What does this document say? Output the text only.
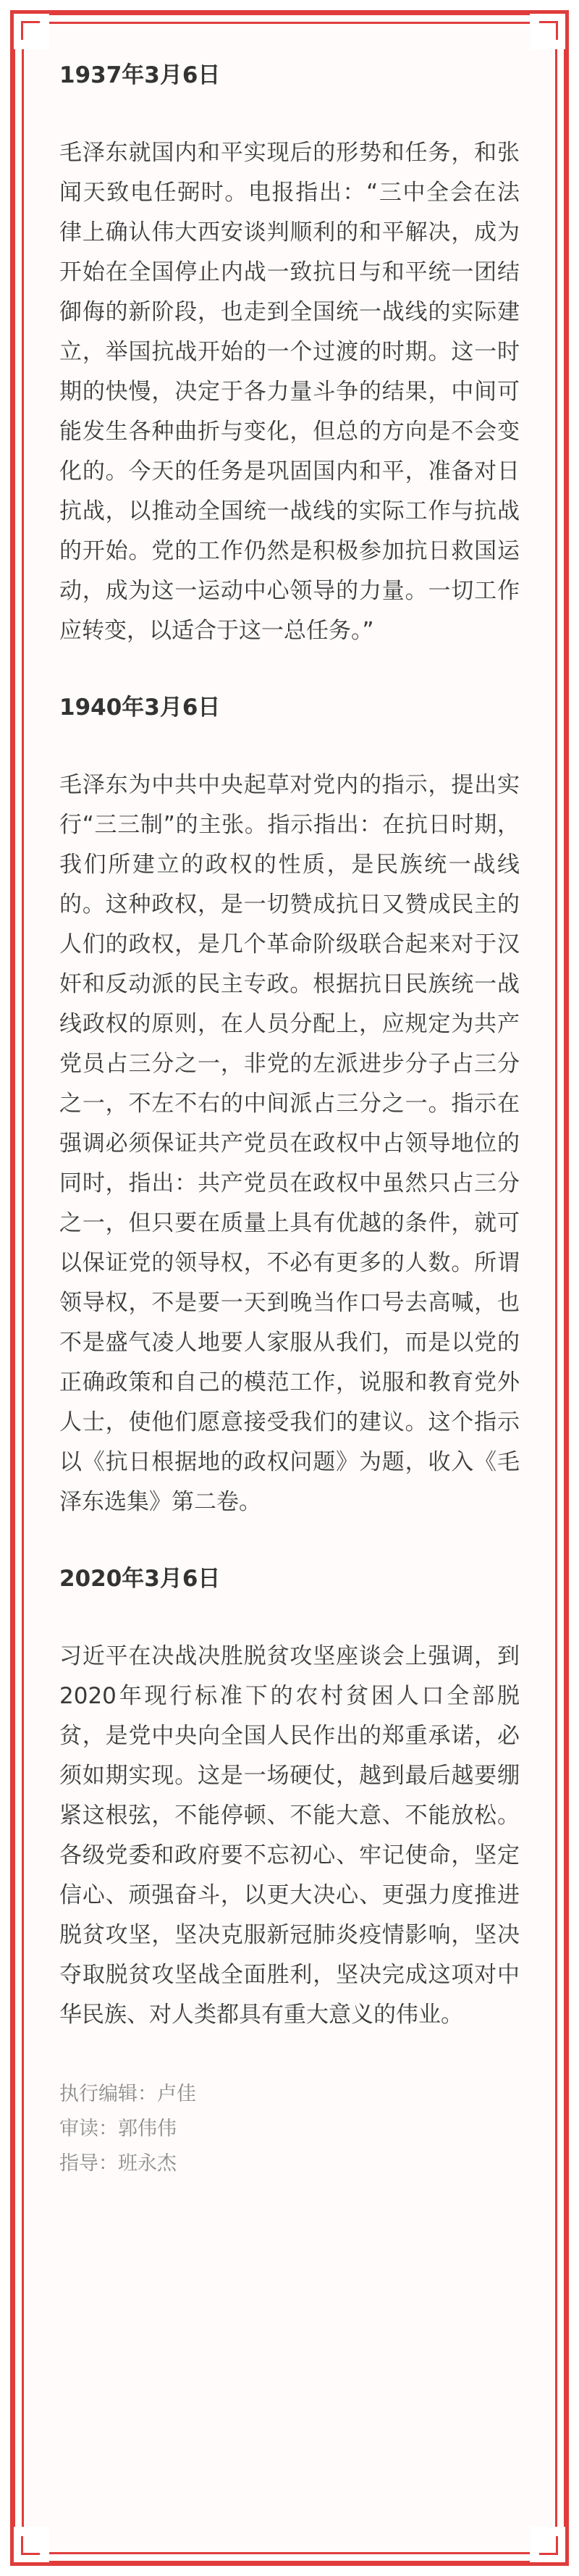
1937年3月6日
毛泽东就国内和平实现后的形势和任务，和张闻天致电任弼时。电报指出：“三中全会在法律上确认伟大西安谈判顺利的和平解决，成为开始在全国停止内战一致抗日与和平统一团结御侮的新阶段，也走到全国统一战线的实际建立，举国抗战开始的一个过渡的时期。这一时期的快慢，决定于各力量斗争的结果，中间可能发生各种曲折与变化，但总的方向是不会变化的。今天的任务是巩固国内和平，准备对日抗战，以推动全国统一战线的实际工作与抗战的开始。党的工作仍然是积极参加抗日救国运动，成为这一运动中心领导的力量。一切工作应转变，以适合于这一总任务。”
1940年3月6日
毛泽东为中共中央起草对党内的指示，提出实行“三三制”的主张。指示指出：在抗日时期，我们所建立的政权的性质，是民族统一战线的。这种政权，是一切赞成抗日又赞成民主的人们的政权，是几个革命阶级联合起来对于汉奸和反动派的民主专政。根据抗日民族统一战线政权的原则，在人员分配上，应规定为共产党员占三分之一，非党的左派进步分子占三分之一，不左不右的中间派占三分之一。指示在强调必须保证共产党员在政权中占领导地位的同时，指出：共产党员在政权中虽然只占三分之一，但只要在质量上具有优越的条件，就可以保证党的领导权，不必有更多的人数。所谓领导权，不是要一天到晚当作口号去高喊，也不是盛气凌人地要人家服从我们，而是以党的正确政策和自己的模范工作，说服和教育党外人士，使他们愿意接受我们的建议。这个指示以《抗日根据地的政权问题》为题，收入《毛泽东选集》第二卷。
2020年3月6日
习近平在决战决胜脱贫攻坚座谈会上强调，到2020年现行标准下的农村贫困人口全部脱贫，是党中央向全国人民作出的郑重承诺，必须如期实现。这是一场硬仗，越到最后越要绷紧这根弦，不能停顿、不能大意、不能放松。各级党委和政府要不忘初心、牢记使命，坚定信心、顽强奋斗，以更大决心、更强力度推进脱贫攻坚，坚决克服新冠肺炎疫情影响，坚决夺取脱贫攻坚战全面胜利，坚决完成这项对中华民族、对人类都具有重大意义的伟业。
执行编辑：卢佳
审读：郭伟伟
指导：班永杰
